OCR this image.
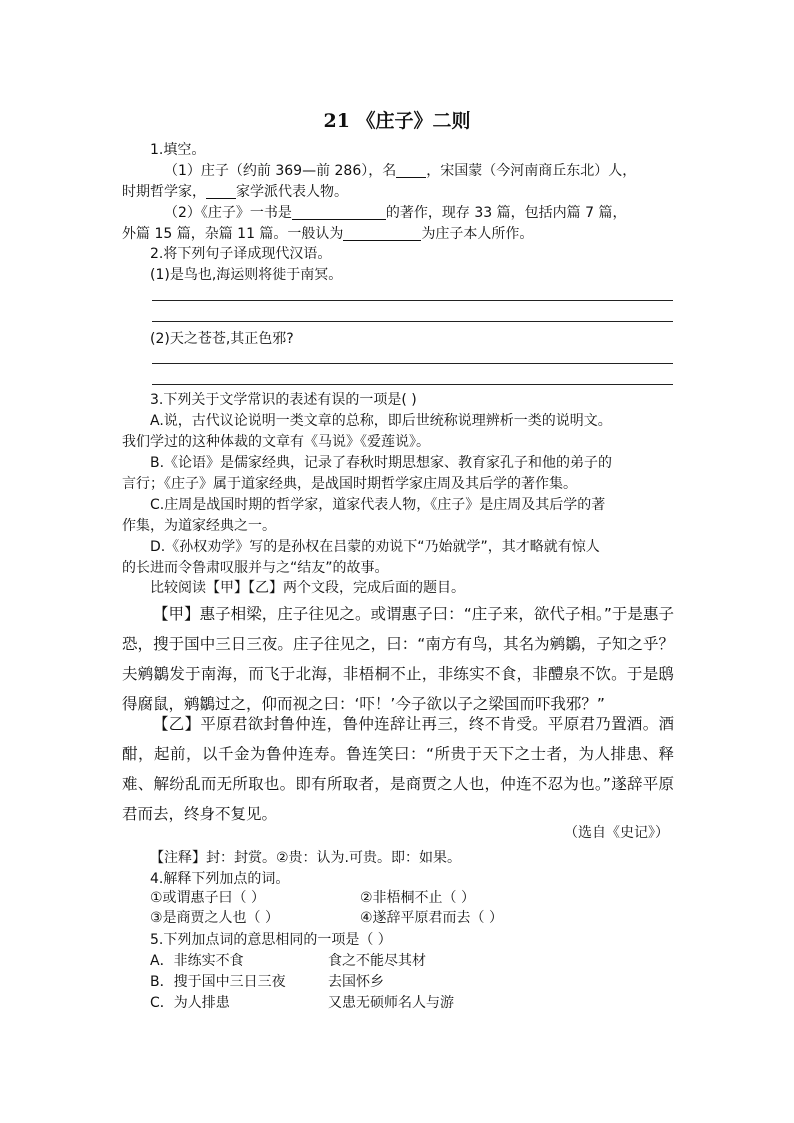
21 《庄子》二则
1.填空。
（1）庄子（约前 369—前 286），名 ，宋国蒙（今河南商丘东北）人，
时期哲学家， 家学派代表人物。
（2）《庄子》一书是	的著作，现存 33 篇，包括内篇 7 篇，
外篇 15 篇，杂篇 11 篇。一般认为	为庄子本人所作。
2.将下列句子译成现代汉语。
(1)是鸟也,海运则将徙于南冥。
(2)天之苍苍,其正色邪?
3.下列关于文学常识的表述有误的一项是( )
A.说，古代议论说明一类文章的总称，即后世统称说理辨析一类的说明文。
我们学过的这种体裁的文章有《马说》《爱莲说》。
B.《论语》是儒家经典，记录了春秋时期思想家、教育家孔子和他的弟子的
言行；《庄子》属于道家经典，是战国时期哲学家庄周及其后学的著作集。
C.庄周是战国时期的哲学家，道家代表人物，《庄子》是庄周及其后学的著
作集，为道家经典之一。
D.《孙权劝学》写的是孙权在吕蒙的劝说下“乃始就学”，其才略就有惊人
的长进而令鲁肃叹服并与之“结友”的故事。
比较阅读【甲】【乙】两个文段，完成后面的题目。

【甲】惠子相梁，庄子往见之。或谓惠子曰：“庄子来，欲代子相。”于是惠子恐，搜于国中三日三夜。庄子往见之，曰：“南方有鸟，其名为鹓鶵，子知之乎？夫鹓鶵发于南海，而飞于北海，非梧桐不止，非练实不食，非醴泉不饮。于是鸱得腐鼠，鹓鶵过之，仰而视之曰：‘吓！’今子欲以子之梁国而吓我邪？”

【乙】平原君欲封鲁仲连，鲁仲连辞让再三，终不肯受。平原君乃置酒。酒酣，起前，以千金为鲁仲连寿。鲁连笑曰：“所贵于天下之士者，为人排患、释难、解纷乱而无所取也。即有所取者，是商贾之人也，仲连不忍为也。”遂辞平原君而去，终身不复见。

（选自《史记》）
【注释】封：封赏。②贵：认为.可贵。即：如果。
4.解释下列加点的词。
①或谓惠子曰（ ）	②非梧桐不止（ ）
③是商贾之人也（ ）	④遂辞平原君而去（ ）
5.下列加点词的意思相同的一项是（ ）
A．非练实不食	食之不能尽其材
B．搜于国中三日三夜	去国怀乡
C．为人排患	又患无硕师名人与游
